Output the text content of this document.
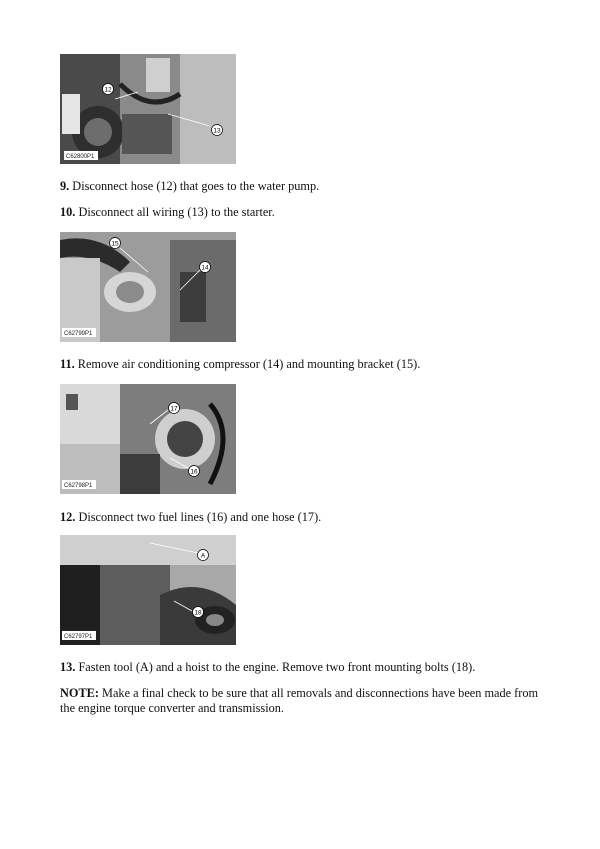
12
13
C62800P1

9. Disconnect hose (12) that goes to the water pump.

10. Disconnect all wiring (13) to the starter.

15
14
C62799P1

11. Remove air conditioning compressor (14) and mounting bracket (15).

17
16
C62798P1

12. Disconnect two fuel lines (16) and one hose (17).

A
18
C62797P1

13. Fasten tool (A) and a hoist to the engine. Remove two front mounting bolts (18).

NOTE: Make a final check to be sure that all removals and disconnections have been made from the engine torque converter and transmission.
